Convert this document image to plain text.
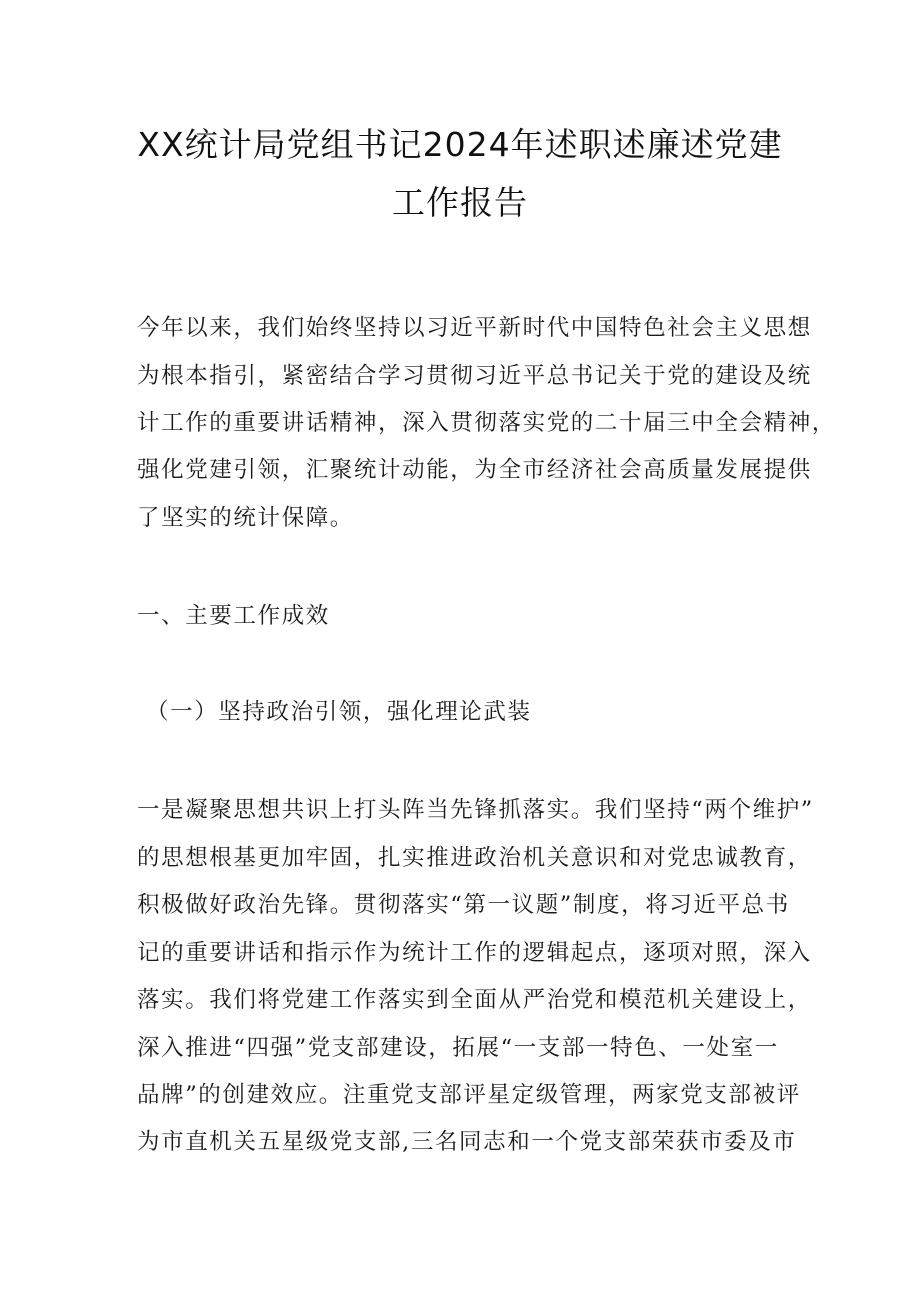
XX统计局党组书记2024年述职述廉述党建
工作报告
今年以来，我们始终坚持以习近平新时代中国特色社会主义思想
为根本指引，紧密结合学习贯彻习近平总书记关于党的建设及统
计工作的重要讲话精神，深入贯彻落实党的二十届三中全会精神，
强化党建引领，汇聚统计动能，为全市经济社会高质量发展提供
了坚实的统计保障。
一、主要工作成效
（一）坚持政治引领，强化理论武装
一是凝聚思想共识上打头阵当先锋抓落实。我们坚持“两个维护”
的思想根基更加牢固，扎实推进政治机关意识和对党忠诚教育，
积极做好政治先锋。贯彻落实“第一议题”制度，将习近平总书
记的重要讲话和指示作为统计工作的逻辑起点，逐项对照，深入
落实。我们将党建工作落实到全面从严治党和模范机关建设上，
深入推进“四强”党支部建设，拓展“一支部一特色、一处室一
品牌”的创建效应。注重党支部评星定级管理，两家党支部被评
为市直机关五星级党支部,三名同志和一个党支部荣获市委及市
